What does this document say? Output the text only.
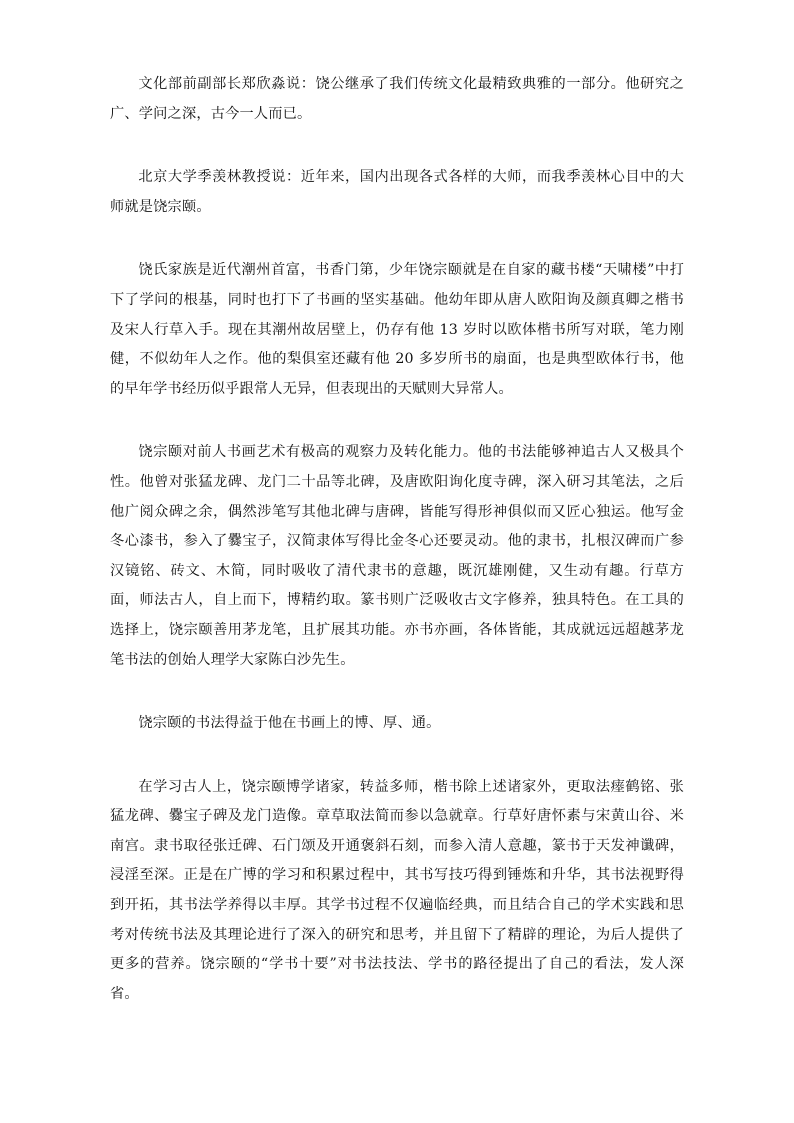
文化部前副部长郑欣淼说：饶公继承了我们传统文化最精致典雅的一部分。他研究之广、学问之深，古今一人而已。

北京大学季羡林教授说：近年来，国内出现各式各样的大师，而我季羡林心目中的大师就是饶宗颐。

饶氏家族是近代潮州首富，书香门第，少年饶宗颐就是在自家的藏书楼“天啸楼”中打下了学问的根基，同时也打下了书画的坚实基础。他幼年即从唐人欧阳询及颜真卿之楷书及宋人行草入手。现在其潮州故居壁上，仍存有他 13 岁时以欧体楷书所写对联，笔力刚健，不似幼年人之作。他的梨俱室还藏有他 20 多岁所书的扇面，也是典型欧体行书，他的早年学书经历似乎跟常人无异，但表现出的天赋则大异常人。

饶宗颐对前人书画艺术有极高的观察力及转化能力。他的书法能够神追古人又极具个性。他曾对张猛龙碑、龙门二十品等北碑，及唐欧阳询化度寺碑，深入研习其笔法，之后他广阅众碑之余，偶然涉笔写其他北碑与唐碑，皆能写得形神俱似而又匠心独运。他写金冬心漆书，参入了爨宝子，汉简隶体写得比金冬心还要灵动。他的隶书，扎根汉碑而广参汉镜铭、砖文、木简，同时吸收了清代隶书的意趣，既沉雄刚健，又生动有趣。行草方面，师法古人，自上而下，博精约取。篆书则广泛吸收古文字修养，独具特色。在工具的选择上，饶宗颐善用茅龙笔，且扩展其功能。亦书亦画，各体皆能，其成就远远超越茅龙笔书法的创始人理学大家陈白沙先生。

饶宗颐的书法得益于他在书画上的博、厚、通。

在学习古人上，饶宗颐博学诸家，转益多师，楷书除上述诸家外，更取法瘗鹤铭、张猛龙碑、爨宝子碑及龙门造像。章草取法简而参以急就章。行草好唐怀素与宋黄山谷、米南宫。隶书取径张迁碑、石门颂及开通褒斜石刻，而参入清人意趣，篆书于天发神谶碑，浸淫至深。正是在广博的学习和积累过程中，其书写技巧得到锤炼和升华，其书法视野得到开拓，其书法学养得以丰厚。其学书过程不仅遍临经典，而且结合自己的学术实践和思考对传统书法及其理论进行了深入的研究和思考，并且留下了精辟的理论，为后人提供了更多的营养。饶宗颐的“学书十要”对书法技法、学书的路径提出了自己的看法，发人深省。
